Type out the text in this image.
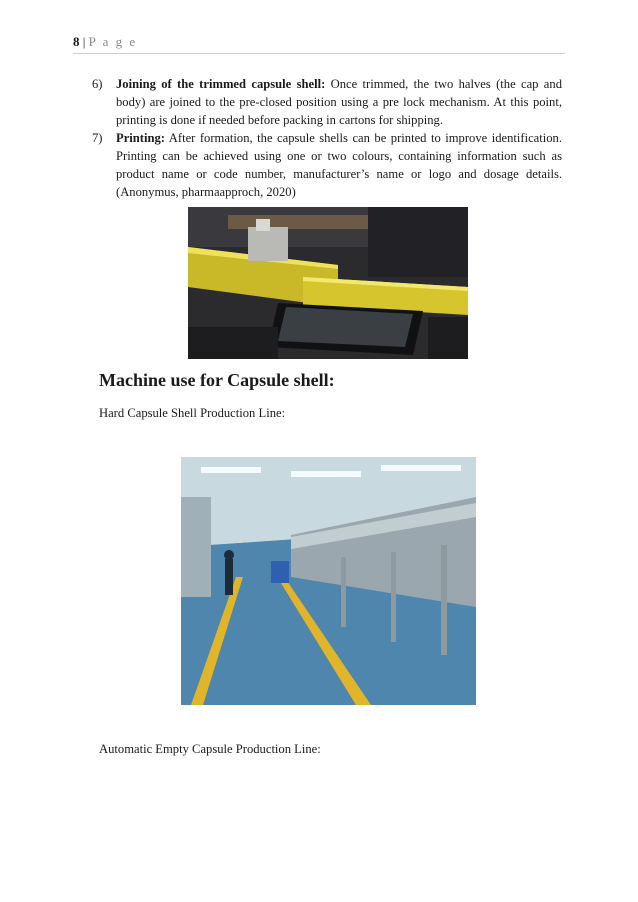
8 | P a g e
6)	Joining of the trimmed capsule shell: Once trimmed, the two halves (the cap and body) are joined to the pre-closed position using a pre lock mechanism. At this point, printing is done if needed before packing in cartons for shipping.
7)	Printing: After formation, the capsule shells can be printed to improve identification. Printing can be achieved using one or two colours, containing information such as product name or code number, manufacturer’s name or logo and dosage details. (Anonymus, pharmaapproch, 2020)
Machine use for Capsule shell:
Hard Capsule Shell Production Line:
Automatic Empty Capsule Production Line:
